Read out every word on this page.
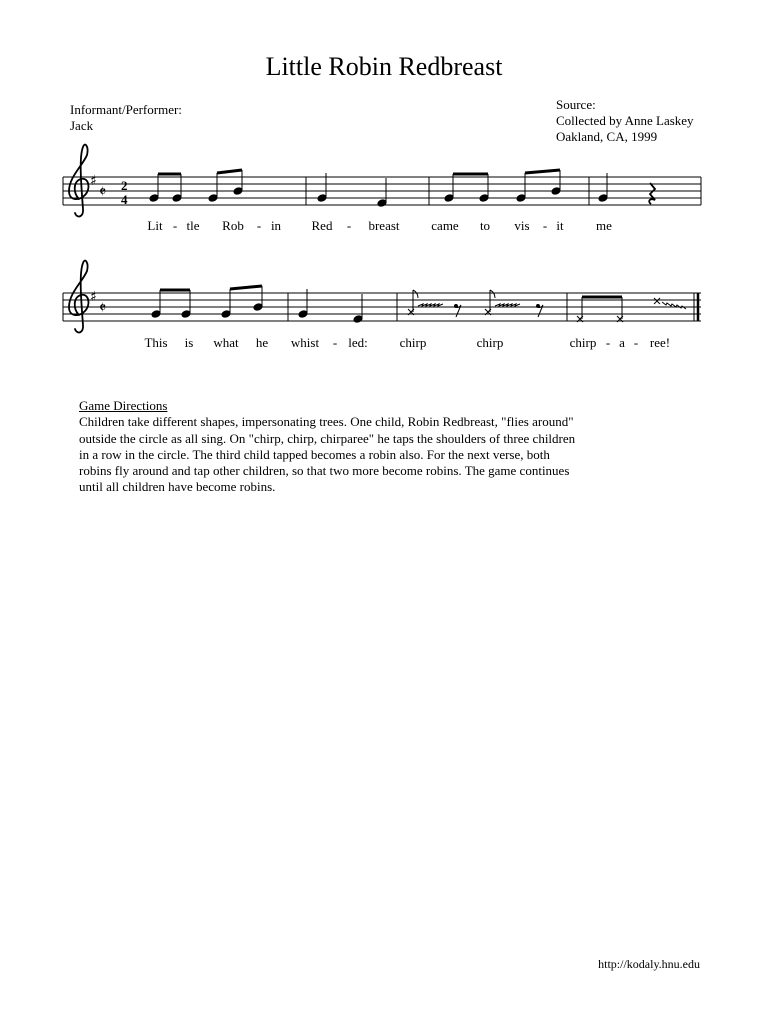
Little Robin Redbreast
Informant/Performer:
Jack
Source:
Collected by Anne Laskey
Oakland, CA, 1999
♯
𝄵 2
4
♯
𝄵
Lit - tle Rob - in Red - breast came to vis - it me
This is what he whist - led: chirp	chirp	chirp - a - ree!
Game Directions
Children take different shapes, impersonating trees. One child, Robin Redbreast, "flies around"
outside the circle as all sing. On "chirp, chirp, chirparee" he taps the shoulders of three children
in a row in the circle. The third child tapped becomes a robin also. For the next verse, both
robins fly around and tap other children, so that two more become robins. The game continues
until all children have become robins.
http://kodaly.hnu.edu
